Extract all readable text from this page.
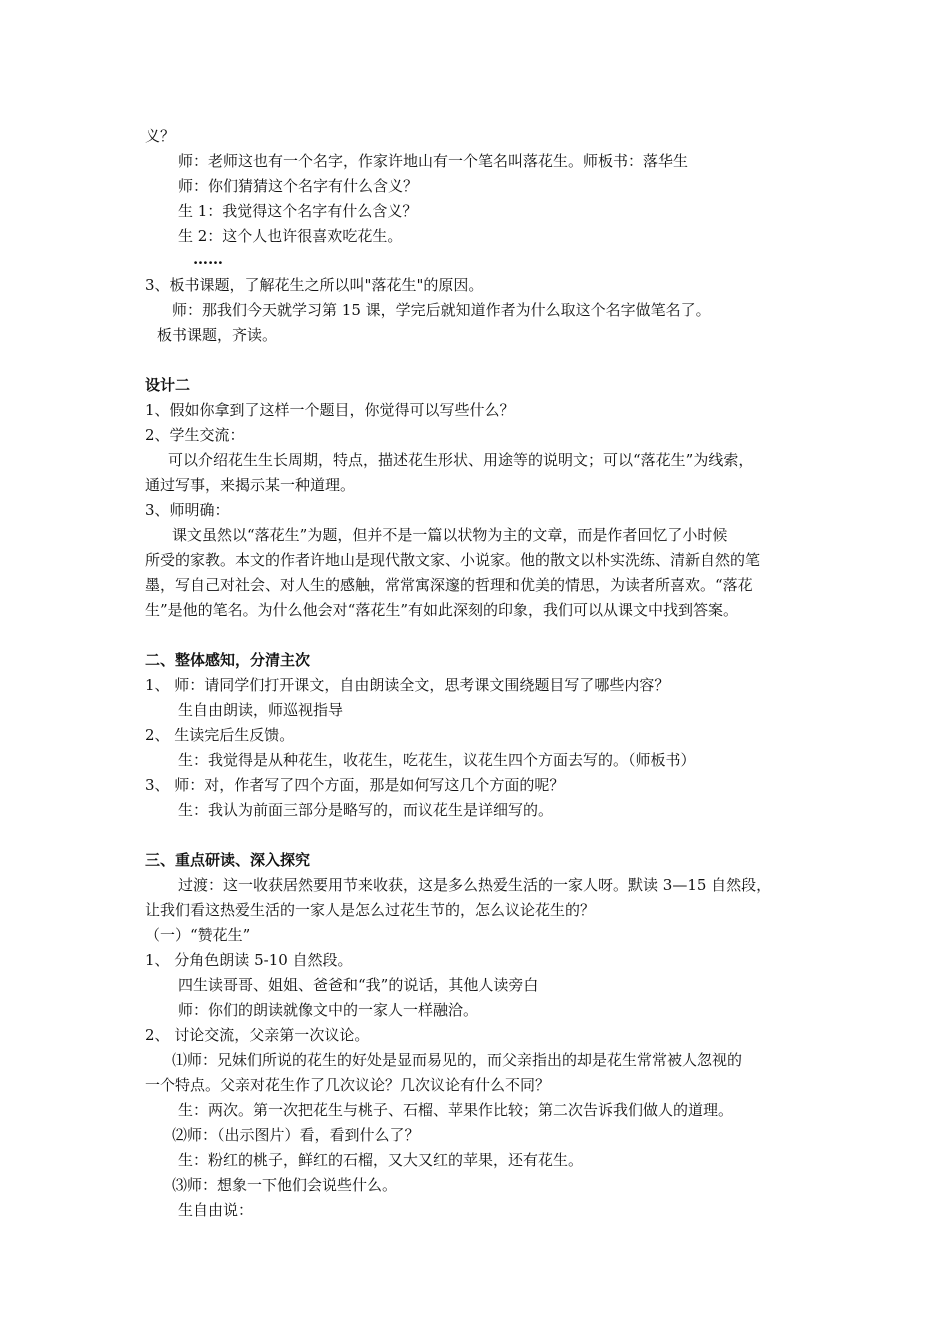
义？
师：老师这也有一个名字，作家许地山有一个笔名叫落花生。师板书：落华生
师：你们猜猜这个名字有什么含义？
生 1：我觉得这个名字有什么含义？
生 2：这个人也许很喜欢吃花生。
……
3、板书课题，了解花生之所以叫"落花生"的原因。
师：那我们今天就学习第 15 课，学完后就知道作者为什么取这个名字做笔名了。
板书课题，齐读。
设计二
1、假如你拿到了这样一个题目，你觉得可以写些什么？
2、学生交流：
可以介绍花生生长周期，特点，描述花生形状、用途等的说明文；可以“落花生”为线索，
通过写事，来揭示某一种道理。
3、师明确：
课文虽然以“落花生”为题，但并不是一篇以状物为主的文章，而是作者回忆了小时候
所受的家教。本文的作者许地山是现代散文家、小说家。他的散文以朴实洗练、清新自然的笔
墨，写自己对社会、对人生的感触，常常寓深邃的哲理和优美的情思，为读者所喜欢。“落花
生”是他的笔名。为什么他会对“落花生”有如此深刻的印象，我们可以从课文中找到答案。
二、整体感知，分清主次
1、 师：请同学们打开课文，自由朗读全文，思考课文围绕题目写了哪些内容？
生自由朗读，师巡视指导
2、 生读完后生反馈。
生：我觉得是从种花生，收花生，吃花生，议花生四个方面去写的。（师板书）
3、 师：对，作者写了四个方面，那是如何写这几个方面的呢？
生：我认为前面三部分是略写的，而议花生是详细写的。
三、重点研读、深入探究
过渡：这一收获居然要用节来收获，这是多么热爱生活的一家人呀。默读 3—15 自然段，
让我们看这热爱生活的一家人是怎么过花生节的，怎么议论花生的？
（一）“赞花生”
1、 分角色朗读 5-10 自然段。
四生读哥哥、姐姐、爸爸和“我”的说话，其他人读旁白
师：你们的朗读就像文中的一家人一样融洽。
2、 讨论交流，父亲第一次议论。
⑴师：兄妹们所说的花生的好处是显而易见的，而父亲指出的却是花生常常被人忽视的
一个特点。父亲对花生作了几次议论？几次议论有什么不同？
生：两次。第一次把花生与桃子、石榴、苹果作比较；第二次告诉我们做人的道理。
⑵师：（出示图片）看，看到什么了？
生：粉红的桃子，鲜红的石榴，又大又红的苹果，还有花生。
⑶师：想象一下他们会说些什么。
生自由说：
